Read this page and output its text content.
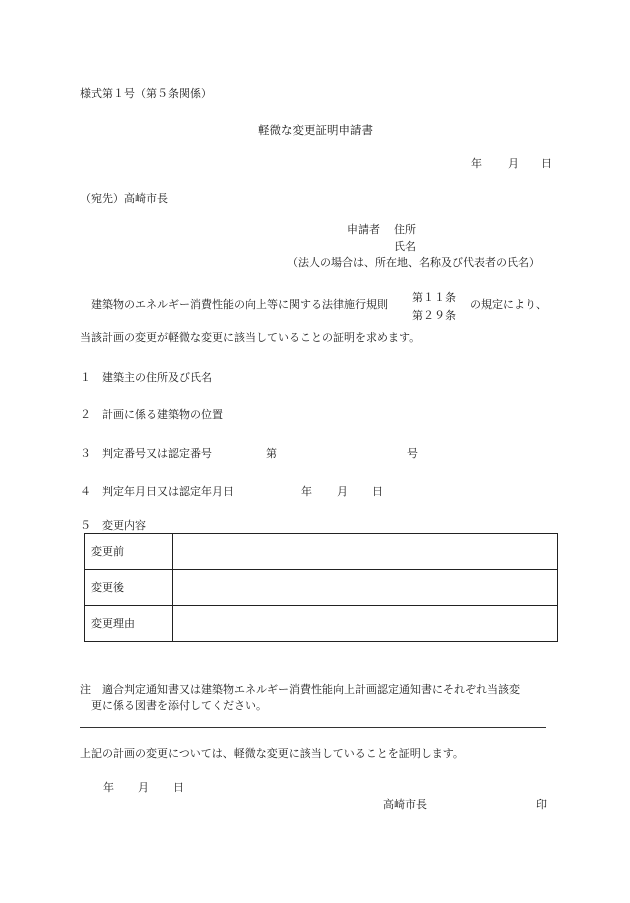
様式第１号（第５条関係）
軽微な変更証明申請書
年 月 日
（宛先）高崎市長
申請者 住所
氏名
（法人の場合は、所在地、名称及び代表者の氏名）
建築物のエネルギー消費性能の向上等に関する法律施行規則
第１１条
第２９条
の規定により、
当該計画の変更が軽微な変更に該当していることの証明を求めます。
１ 建築主の住所及び氏名
２ 計画に係る建築物の位置
３ 判定番号又は認定番号	第	号
４ 判定年月日又は認定年月日	年 月 日
５ 変更内容
変更前	
変更後	
変更理由	
注 適合判定通知書又は建築物エネルギー消費性能向上計画認定通知書にそれぞれ当該変
更に係る図書を添付してください。
上記の計画の変更については、軽微な変更に該当していることを証明します。
年 月 日
高崎市長	印
